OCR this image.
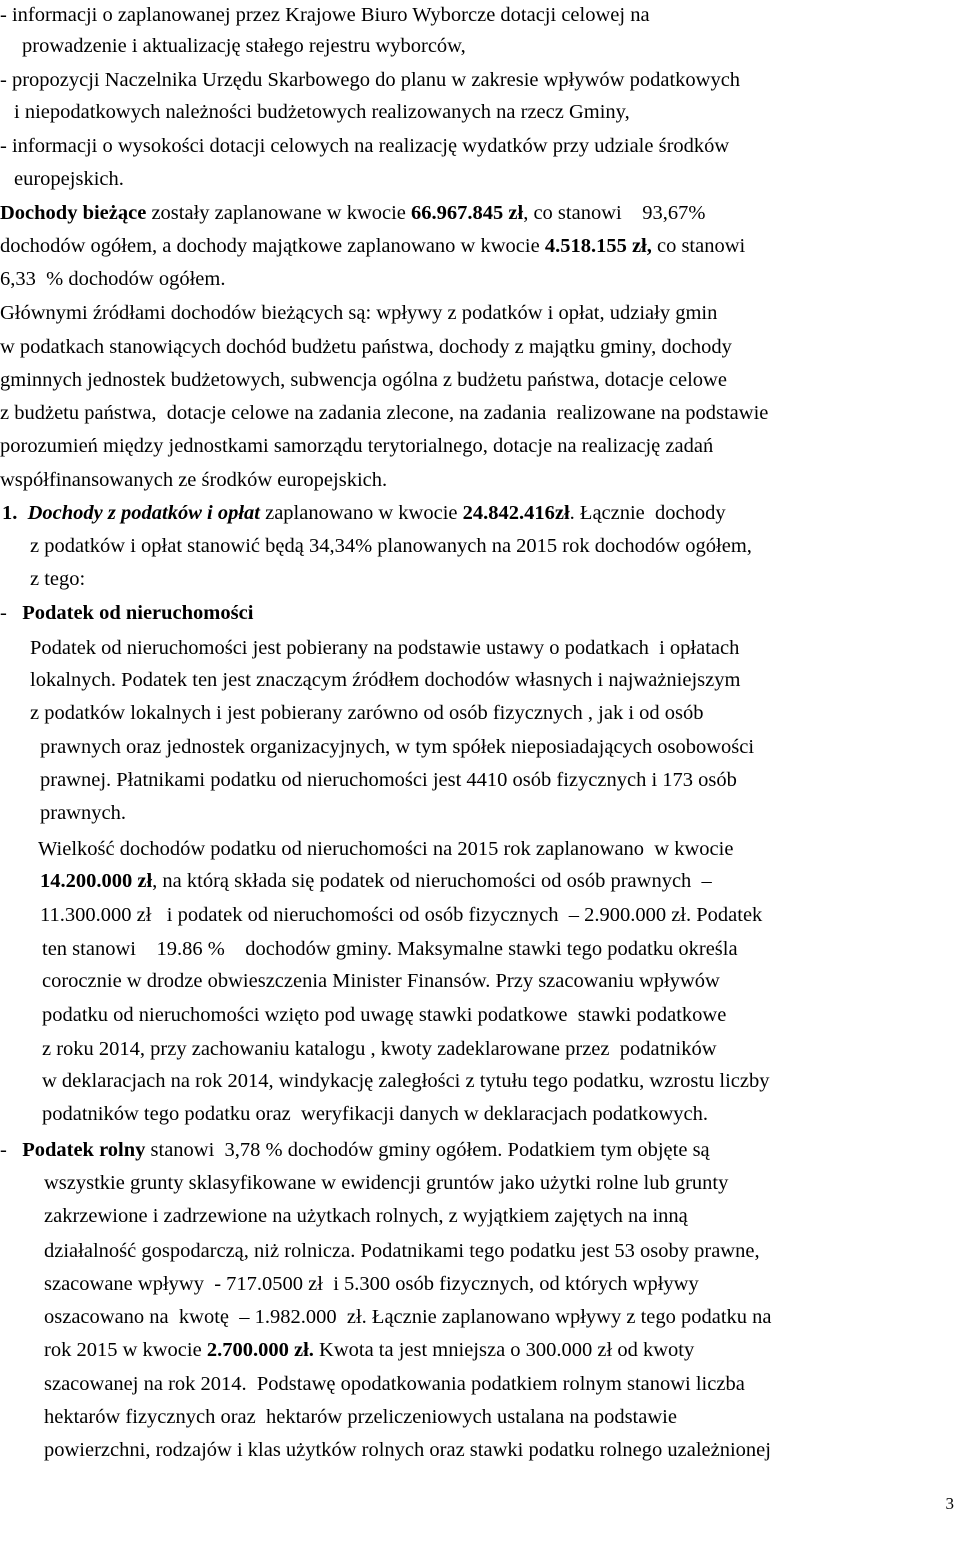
- informacji o zaplanowanej przez Krajowe Biuro Wyborcze dotacji celowej na
prowadzenie i aktualizację stałego rejestru wyborców,
- propozycji Naczelnika Urzędu Skarbowego do planu w zakresie wpływów podatkowych
i niepodatkowych należności budżetowych realizowanych na rzecz Gminy,
- informacji o wysokości dotacji celowych na realizację wydatków przy udziale środków
europejskich.
Dochody bieżące zostały zaplanowane w kwocie 66.967.845 zł, co stanowi    93,67%
dochodów ogółem, a dochody majątkowe zaplanowano w kwocie 4.518.155 zł, co stanowi
6,33  % dochodów ogółem.
Głównymi źródłami dochodów bieżących są: wpływy z podatków i opłat, udziały gmin
w podatkach stanowiących dochód budżetu państwa, dochody z majątku gminy, dochody
gminnych jednostek budżetowych, subwencja ogólna z budżetu państwa, dotacje celowe
z budżetu państwa,  dotacje celowe na zadania zlecone, na zadania  realizowane na podstawie
porozumień między jednostkami samorządu terytorialnego, dotacje na realizację zadań
współfinansowanych ze środków europejskich.
1.  Dochody z podatków i opłat zaplanowano w kwocie 24.842.416zł. Łącznie  dochody
z podatków i opłat stanowić będą 34,34% planowanych na 2015 rok dochodów ogółem,
z tego:
-   Podatek od nieruchomości
Podatek od nieruchomości jest pobierany na podstawie ustawy o podatkach  i opłatach
lokalnych. Podatek ten jest znaczącym źródłem dochodów własnych i najważniejszym
z podatków lokalnych i jest pobierany zarówno od osób fizycznych , jak i od osób
prawnych oraz jednostek organizacyjnych, w tym spółek nieposiadających osobowości
prawnej. Płatnikami podatku od nieruchomości jest 4410 osób fizycznych i 173 osób
prawnych.
Wielkość dochodów podatku od nieruchomości na 2015 rok zaplanowano  w kwocie
14.200.000 zł, na którą składa się podatek od nieruchomości od osób prawnych  –
11.300.000 zł   i podatek od nieruchomości od osób fizycznych  – 2.900.000 zł. Podatek
ten stanowi    19.86 %    dochodów gminy. Maksymalne stawki tego podatku określa
corocznie w drodze obwieszczenia Minister Finansów. Przy szacowaniu wpływów
podatku od nieruchomości wzięto pod uwagę stawki podatkowe  stawki podatkowe
z roku 2014, przy zachowaniu katalogu , kwoty zadeklarowane przez  podatników
w deklaracjach na rok 2014, windykację zaległości z tytułu tego podatku, wzrostu liczby
podatników tego podatku oraz  weryfikacji danych w deklaracjach podatkowych.
-   Podatek rolny stanowi  3,78 % dochodów gminy ogółem. Podatkiem tym objęte są
wszystkie grunty sklasyfikowane w ewidencji gruntów jako użytki rolne lub grunty
zakrzewione i zadrzewione na użytkach rolnych, z wyjątkiem zajętych na inną
działalność gospodarczą, niż rolnicza. Podatnikami tego podatku jest 53 osoby prawne,
szacowane wpływy  - 717.0500 zł  i 5.300 osób fizycznych, od których wpływy
oszacowano na  kwotę  – 1.982.000  zł. Łącznie zaplanowano wpływy z tego podatku na
rok 2015 w kwocie 2.700.000 zł. Kwota ta jest mniejsza o 300.000 zł od kwoty
szacowanej na rok 2014.  Podstawę opodatkowania podatkiem rolnym stanowi liczba
hektarów fizycznych oraz  hektarów przeliczeniowych ustalana na podstawie
powierzchni, rodzajów i klas użytków rolnych oraz stawki podatku rolnego uzależnionej
3
